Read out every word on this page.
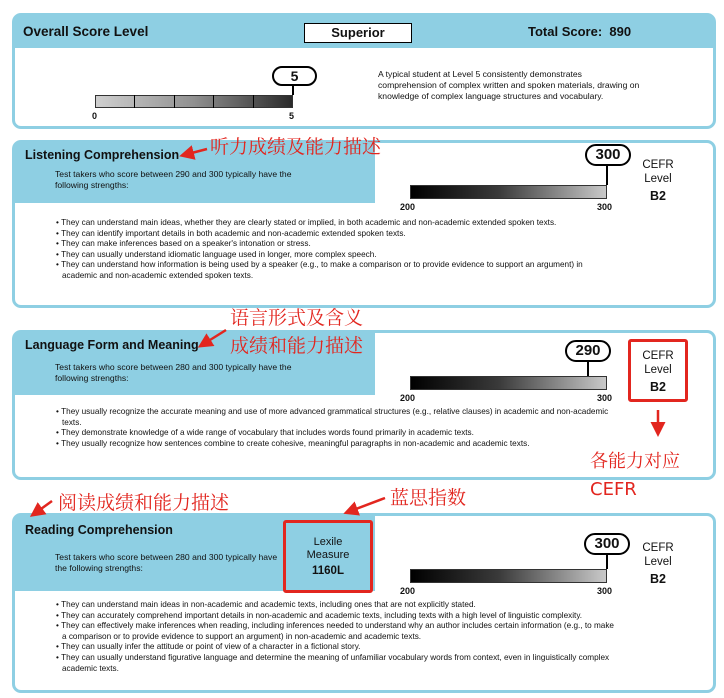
Overall Score Level	Superior	Total Score:  890
0	5
5	A typical student at Level 5 consistently demonstrates comprehension of complex written and spoken materials, drawing on knowledge of complex language structures and vocabulary.
Listening Comprehension
Test takers who score between 290 and 300 typically have the following strengths:
200	300
300
CEFR
Level
B2
• They can understand main ideas, whether they are clearly stated or implied, in both academic and non-academic extended spoken texts.
• They can identify important details in both academic and non-academic extended spoken texts.
• They can make inferences based on a speaker's intonation or stress.
• They can usually understand idiomatic language used in longer, more complex speech.
• They can understand how information is being used by a speaker (e.g., to make a comparison or to provide evidence to support an argument) in academic and non-academic extended spoken texts.
Language Form and Meaning
Test takers who score between 280 and 300 typically have the following strengths:
200	300
290	CEFR
Level
B2
• They usually recognize the accurate meaning and use of more advanced grammatical structures (e.g., relative clauses) in academic and non-academic texts.
• They demonstrate knowledge of a wide range of vocabulary that includes words found primarily in academic texts.
• They usually recognize how sentences combine to create cohesive, meaningful paragraphs in non-academic and academic texts.
Reading Comprehension
Test takers who score between 280 and 300 typically have the following strengths:
Lexile
Measure
1160L
200	300
300	CEFR
Level
B2
• They can understand main ideas in non-academic and academic texts, including ones that are not explicitly stated.
• They can accurately comprehend important details in non-academic and academic texts, including texts with a high level of linguistic complexity.
• They can effectively make inferences when reading, including inferences needed to understand why an author includes certain information (e.g., to make a comparison or to provide evidence to support an argument) in non-academic and academic texts.
• They can usually infer the attitude or point of view of a character in a fictional story.
• They can usually understand figurative language and determine the meaning of unfamiliar vocabulary words from context, even in linguistically complex academic texts.
听力成绩及能力描述
语言形式及含义
成绩和能力描述
各能力对应
CEFR
阅读成绩和能力描述	蓝思指数
